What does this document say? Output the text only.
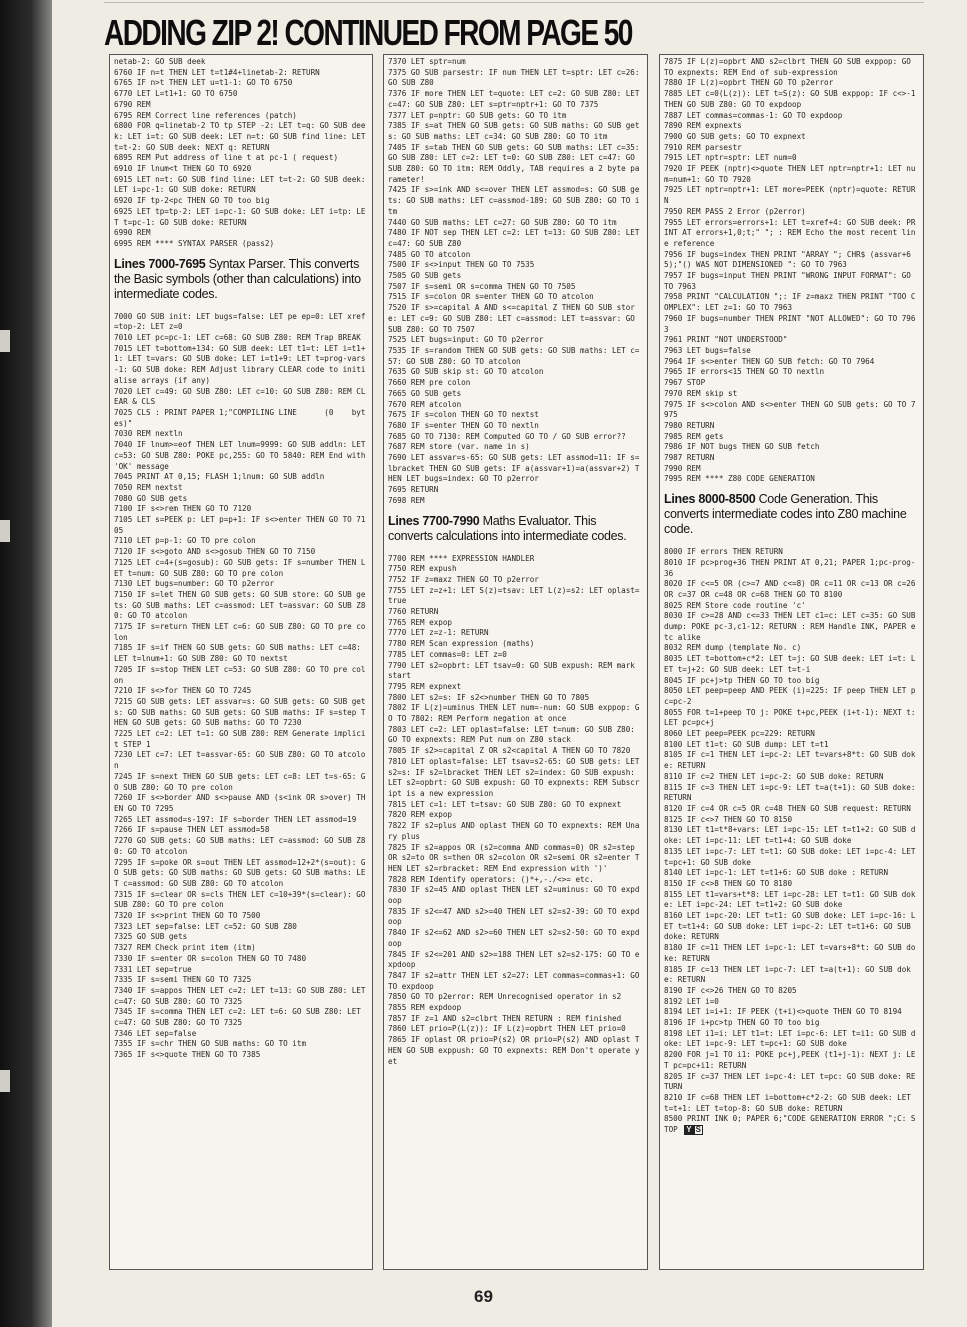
ADDING ZIP 2! CONTINUED FROM PAGE 50
netab-2: GO SUB deek
6760 IF n=t THEN LET t=t1#4+linetab-2: RETURN
6765 IF n>t THEN LET u=t1-1: GO TO 6750
6770 LET L=t1+1: GO TO 6750
6790 REM
6795 REM Correct line references (patch)
6800 FOR q=linetab-2 TO tp STEP -2: LET t=q: GO SUB deek: LET i=t: GO SUB deek: LET n=t: GO SUB find line: LET t=t-2: GO SUB deek: NEXT q: RETURN
6895 REM Put address of line t at pc-1 ( request)
6910 IF lnum<t THEN GO TO 6920
6915 LET n=t: GO SUB find line: LET t=t-2: GO SUB deek: LET i=pc-1: GO SUB doke: RETURN
6920 IF tp-2<pc THEN GO TO too big
6925 LET tp=tp-2: LET i=pc-1: GO SUB doke: LET i=tp: LET t=pc-1: GO SUB doke: RETURN
6990 REM
6995 REM **** SYNTAX PARSER (pass2)
Lines 7000-7695 Syntax Parser. This converts the Basic symbols (other than calculations) into intermediate codes.
7000 GO SUB init: LET bugs=false: LET pe ep=0: LET xref=top-2: LET z=0
7010 LET pc=pc-1: LET c=68: GO SUB Z80: REM Trap BREAK
7015 LET t=bottom+134: GO SUB deek: LET t1=t: LET i=t1+1: LET t=vars: GO SUB doke: LET i=t1+9: LET t=prog-vars-1: GO SUB doke: REM Adjust library CLEAR code to initialise arrays (if any)
7020 LET c=49: GO SUB Z80: LET c=10: GO SUB Z80: REM CLEAR & CLS
7025 CLS : PRINT PAPER 1;"COMPILING LINE      (0    bytes)"
7030 REM nextln
7040 IF lnum>=eof THEN LET lnum=9999: GO SUB addln: LET c=53: GO SUB Z80: POKE pc,255: GO TO 5840: REM End with 'OK' message
7045 PRINT AT 0,15; FLASH 1;lnum: GO SUB addln
7050 REM nextst
7080 GO SUB gets
7100 IF s<>rem THEN GO TO 7120
7105 LET s=PEEK p: LET p=p+1: IF s<>enter THEN GO TO 7105
7110 LET p=p-1: GO TO pre colon
7120 IF s<>goto AND s<>gosub THEN GO TO 7150
7125 LET c=4+(s=gosub): GO SUB gets: IF s=number THEN LET t=num: GO SUB Z80: GO TO pre colon
7130 LET bugs=number: GO TO p2error
7150 IF s=let THEN GO SUB gets: GO SUB store: GO SUB gets: GO SUB maths: LET c=assmod: LET t=assvar: GO SUB Z80: GO TO atcolon
7175 IF s=return THEN LET c=6: GO SUB Z80: GO TO pre colon
7185 IF s=if THEN GO SUB gets: GO SUB maths: LET c=48: LET t=lnum+1: GO SUB Z80: GO TO nextst
7205 IF s=stop THEN LET c=53: GO SUB Z80: GO TO pre colon
7210 IF s<>for THEN GO TO 7245
7215 GO SUB gets: LET assvar=s: GO SUB gets: GO SUB gets: GO SUB maths: GO SUB gets: GO SUB maths: IF s=step THEN GO SUB gets: GO SUB maths: GO TO 7230
7225 LET c=2: LET t=1: GO SUB Z80: REM Generate implicit STEP 1
7230 LET c=7: LET t=assvar-65: GO SUB Z80: GO TO atcolon
7245 IF s=next THEN GO SUB gets: LET c=8: LET t=s-65: GO SUB Z80: GO TO pre colon
7260 IF s<>border AND s<>pause AND (s<ink OR s>over) THEN GO TO 7295
7265 LET assmod=s-197: IF s=border THEN LET assmod=19
7266 IF s=pause THEN LET assmod=58
7270 GO SUB gets: GO SUB maths: LET c=assmod: GO SUB Z80: GO TO atcolon
7295 IF s=poke OR s=out THEN LET assmod=12+2*(s=out): GO SUB gets: GO SUB maths: GO SUB gets: GO SUB maths: LET c=assmod: GO SUB Z80: GO TO atcolon
7315 IF s=clear OR s=cls THEN LET c=10+39*(s=clear): GO SUB Z80: GO TO pre colon
7320 IF s<>print THEN GO TO 7500
7323 LET sep=false: LET c=52: GO SUB Z80
7325 GO SUB gets
7327 REM Check print item (itm)
7330 IF s=enter OR s=colon THEN GO TO 7480
7331 LET sep=true
7335 IF s=semi THEN GO TO 7325
7340 IF s=appos THEN LET c=2: LET t=13: GO SUB Z80: LET c=47: GO SUB Z80: GO TO 7325
7345 IF s=comma THEN LET c=2: LET t=6: GO SUB Z80: LET c=47: GO SUB Z80: GO TO 7325
7346 LET sep=false
7355 IF s=chr THEN GO SUB maths: GO TO itm
7365 IF s<>quote THEN GO TO 7385
7370 LET sptr=num
7375 GO SUB parsestr: IF num THEN LET t=sptr: LET c=26: GO SUB Z80
7376 IF more THEN LET t=quote: LET c=2: GO SUB Z80: LET c=47: GO SUB Z80: LET s=ptr=nptr+1: GO TO 7375
7377 LET p=nptr: GO SUB gets: GO TO itm
7385 IF s=at THEN GO SUB gets: GO SUB maths: GO SUB gets: GO SUB maths: LET c=34: GO SUB Z80: GO TO itm
7405 IF s=tab THEN GO SUB gets: GO SUB maths: LET c=35: GO SUB Z80: LET c=2: LET t=0: GO SUB Z80: LET c=47: GO SUB Z80: GO TO itm: REM Oddly, TAB requires a 2 byte parameter!
7425 IF s>=ink AND s<=over THEN LET assmod=s: GO SUB gets: GO SUB maths: LET c=assmod-189: GO SUB Z80: GO TO itm
7440 GO SUB maths: LET c=27: GO SUB Z80: GO TO itm
7480 IF NOT sep THEN LET c=2: LET t=13: GO SUB Z80: LET c=47: GO SUB Z80
7485 GO TO atcolon
7500 IF s<>input THEN GO TO 7535
7505 GO SUB gets
7507 IF s=semi OR s=comma THEN GO TO 7505
7515 IF s=colon OR s=enter THEN GO TO atcolon
7520 IF s>=capital A AND s<=capital Z THEN GO SUB store: LET c=9: GO SUB Z80: LET c=assmod: LET t=assvar: GO SUB Z80: GO TO 7507
7525 LET bugs=input: GO TO p2error
7535 IF s=random THEN GO SUB gets: GO SUB maths: LET c=57: GO SUB Z80: GO TO atcolon
7635 GO SUB skip st: GO TO atcolon
7660 REM pre colon
7665 GO SUB gets
7670 REM atcolon
7675 IF s=colon THEN GO TO nextst
7680 IF s=enter THEN GO TO nextln
7685 GO TO 7130: REM Computed GO TO / GO SUB error??
7687 REM store (var. name in s)
7690 LET assvar=s-65: GO SUB gets: LET assmod=11: IF s=lbracket THEN GO SUB gets: IF a(assvar+1)=a(assvar+2) THEN LET bugs=index: GO TO p2error
7695 RETURN
7698 REM
Lines 7700-7990 Maths Evaluator. This converts calculations into intermediate codes.
7700 REM **** EXPRESSION HANDLER
7750 REM expush
7752 IF z=maxz THEN GO TO p2error
7755 LET z=z+1: LET S(z)=tsav: LET L(z)=s2: LET oplast=true
7760 RETURN
7765 REM expop
7770 LET z=z-1: RETURN
7780 REM Scan expression (maths)
7785 LET commas=0: LET z=0
7790 LET s2=opbrt: LET tsav=0: GO SUB expush: REM mark start
7795 REM expnext
7800 LET s2=s: IF s2<>number THEN GO TO 7805
7802 IF L(z)=uminus THEN LET num=-num: GO SUB exppop: GO TO 7802: REM Perform negation at once
7803 LET c=2: LET oplast=false: LET t=num: GO SUB Z80: GO TO expnexts: REM Put num on Z80 stack
7805 IF s2>=capital Z OR s2<capital A THEN GO TO 7820
7810 LET oplast=false: LET tsav=s2-65: GO SUB gets: LET s2=s: IF s2=lbracket THEN LET s2=index: GO SUB expush: LET s2=opbrt: GO SUB expush: GO TO expnexts: REM Subscript is a new expression
7815 LET c=1: LET t=tsav: GO SUB Z80: GO TO expnext
7820 REM expop
7822 IF s2=plus AND oplast THEN GO TO expnexts: REM Unary plus
7825 IF s2=appos OR (s2=comma AND commas=0) OR s2=step OR s2=to OR s=then OR s2=colon OR s2=semi OR s2=enter THEN LET s2=rbracket: REM End expression with ')'
7828 REM Identify operators: ()*+,-./<>= etc.
7830 IF s2=45 AND oplast THEN LET s2=uminus: GO TO expdoop
7835 IF s2<=47 AND s2>=40 THEN LET s2=s2-39: GO TO expdoop
7840 IF s2<=62 AND s2>=60 THEN LET s2=s2-50: GO TO expdoop
7845 IF s2<=201 AND s2>=188 THEN LET s2=s2-175: GO TO expdoop
7847 IF s2=attr THEN LET s2=27: LET commas=commas+1: GO TO expdoop
7850 GO TO p2error: REM Unrecognised operator in s2
7855 REM expdoop
7857 IF z=1 AND s2=clbrt THEN RETURN : REM finished
7860 LET prio=P(L(z)): IF L(z)=opbrt THEN LET prio=0
7865 IF oplast OR prio=P(s2) OR prio=P(s2) AND oplast THEN GO SUB exppush: GO TO expnexts: REM Don't operate yet
7875 IF L(z)=opbrt AND s2=clbrt THEN GO SUB exppop: GO TO expnexts: REM End of sub-expression
7880 IF L(z)=opbrt THEN GO TO p2error
7885 LET c=0(L(z)): LET t=S(z): GO SUB exppop: IF c<>-1 THEN GO SUB Z80: GO TO expdoop
7887 LET commas=commas-1: GO TO expdoop
7890 REM expnexts
7900 GO SUB gets: GO TO expnext
7910 REM parsestr
7915 LET nptr=sptr: LET num=0
7920 IF PEEK (nptr)<>quote THEN LET nptr=nptr+1: LET num=num+1: GO TO 7920
7925 LET nptr=nptr+1: LET more=PEEK (nptr)=quote: RETURN
7950 REM PASS 2 Error (p2error)
7955 LET errors=errors+1: LET t=xref+4: GO SUB deek: PRINT AT errors+1,0;t;" "; : REM Echo the most recent line reference
7956 IF bugs=index THEN PRINT "ARRAY "; CHR$ (assvar+65);"() WAS NOT DIMENSIONED ": GO TO 7963
7957 IF bugs=input THEN PRINT "WRONG INPUT FORMAT": GO TO 7963
7958 PRINT "CALCULATION ";: IF z=maxz THEN PRINT "TOO COMPLEX": LET z=1: GO TO 7963
7960 IF bugs=number THEN PRINT "NOT ALLOWED": GO TO 7963
7961 PRINT "NOT UNDERSTOOD"
7963 LET bugs=false
7964 IF s<>enter THEN GO SUB fetch: GO TO 7964
7965 IF errors<15 THEN GO TO nextln
7967 STOP
7970 REM skip st
7975 IF s<>colon AND s<>enter THEN GO SUB gets: GO TO 7975
7980 RETURN
7985 REM gets
7986 IF NOT bugs THEN GO SUB fetch
7987 RETURN
7990 REM
7995 REM **** Z80 CODE GENERATION
Lines 8000-8500 Code Generation. This converts intermediate codes into Z80 machine code.
8000 IF errors THEN RETURN
8010 IF pc>prog+36 THEN PRINT AT 0,21; PAPER 1;pc-prog-36
8020 IF c<=5 OR (c>=7 AND c<=8) OR c=11 OR c=13 OR c=26 OR c=37 OR c=48 OR c=68 THEN GO TO 8100
8025 REM Store code routine 'c'
8030 IF c>=28 AND c<=33 THEN LET c1=c: LET c=35: GO SUB dump: POKE pc-3,c1-12: RETURN : REM Handle INK, PAPER etc alike
8032 REM dump (template No. c)
8035 LET t=bottom+c*2: LET t=j: GO SUB deek: LET i=t: LET t=j+2: GO SUB deek: LET t=t-i
8045 IF pc+j>tp THEN GO TO too big
8050 LET peep=peep AND PEEK (i)=225: IF peep THEN LET pc=pc-2
8055 FOR t=1+peep TO j: POKE t+pc,PEEK (i+t-1): NEXT t: LET pc=pc+j
8060 LET peep=PEEK pc=229: RETURN
8100 LET t1=t: GO SUB dump: LET t=t1
8105 IF c=1 THEN LET i=pc-2: LET t=vars+8*t: GO SUB doke: RETURN
8110 IF c=2 THEN LET i=pc-2: GO SUB doke: RETURN
8115 IF c=3 THEN LET i=pc-9: LET t=a(t+1): GO SUB doke: RETURN
8120 IF c=4 OR c=5 OR c=48 THEN GO SUB request: RETURN
8125 IF c<>7 THEN GO TO 8150
8130 LET t1=t*8+vars: LET i=pc-15: LET t=t1+2: GO SUB doke: LET i=pc-11: LET t=t1+4: GO SUB doke
8135 LET i=pc-7: LET t=t1: GO SUB doke: LET i=pc-4: LET t=pc+1: GO SUB doke
8140 LET i=pc-1: LET t=t1+6: GO SUB doke : RETURN
8150 IF c<>8 THEN GO TO 8180
8155 LET t1=vars+t*8: LET i=pc-28: LET t=t1: GO SUB doke: LET i=pc-24: LET t=t1+2: GO SUB doke
8160 LET i=pc-20: LET t=t1: GO SUB doke: LET i=pc-16: LET t=t1+4: GO SUB doke: LET i=pc-2: LET t=t1+6: GO SUB doke: RETURN
8180 IF c=11 THEN LET i=pc-1: LET t=vars+8*t: GO SUB doke: RETURN
8185 IF c=13 THEN LET i=pc-7: LET t=a(t+1): GO SUB doke: RETURN
8190 IF c<>26 THEN GO TO 8205
8192 LET i=0
8194 LET i=i+1: IF PEEK (t+i)<>quote THEN GO TO 8194
8196 IF i+pc>tp THEN GO TO too big
8198 LET i1=i: LET t1=t: LET i=pc-6: LET t=i1: GO SUB doke: LET i=pc-9: LET t=pc+1: GO SUB doke
8200 FOR j=1 TO i1: POKE pc+j,PEEK (t1+j-1): NEXT j: LET pc=pc+i1: RETURN
8205 IF c=37 THEN LET i=pc-4: LET t=pc: GO SUB doke: RETURN
8210 IF c=68 THEN LET i=bottom+c*2-2: GO SUB deek: LET t=t+1: LET t=top-8: GO SUB doke: RETURN
8500 PRINT INK 0; PAPER 6;"CODE GENERATION ERROR ";C: STOP Y S
69
